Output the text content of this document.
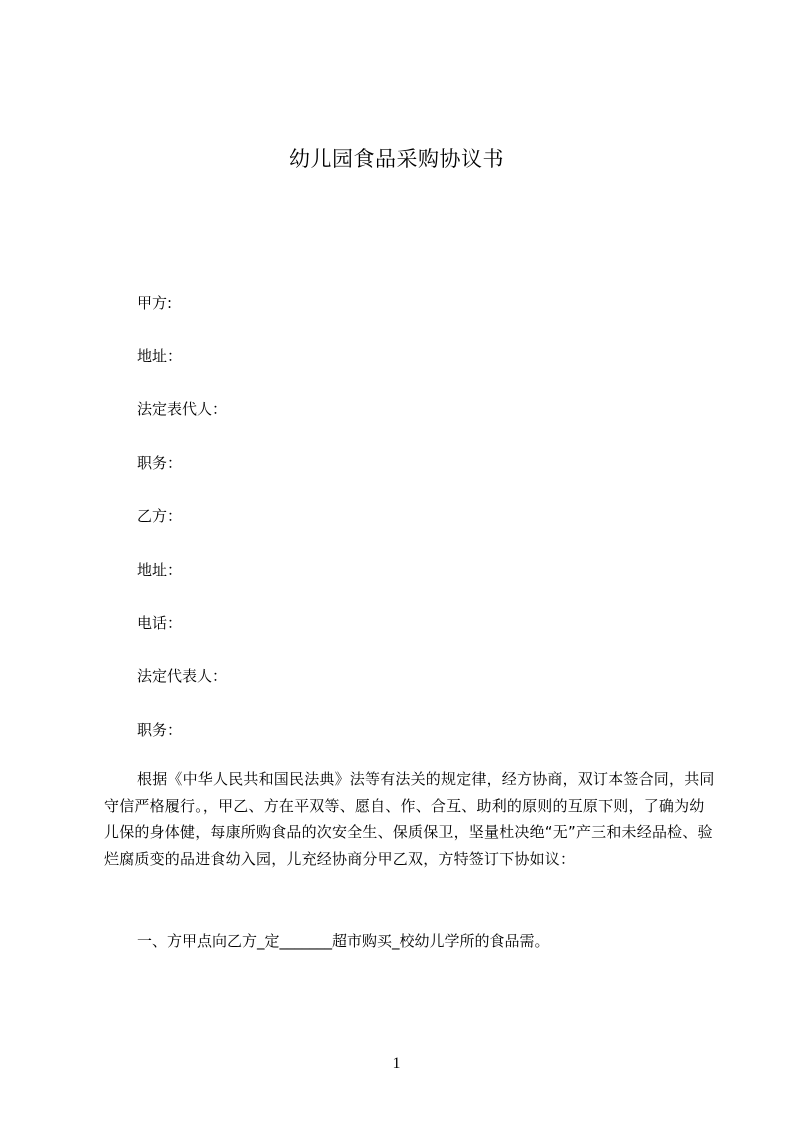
幼儿园食品采购协议书
甲方:
地址：
法定表代人：
职务：
乙方：
地址：
电话：
法定代表人：
职务：
根据《中华人民共和国民法典》法等有法关的规定律，经方协商，双订本签合同，共同守信严格履行。，甲乙、方在平双等、愿自、作、合互、助利的原则的互原下则，了确为幼儿保的身体健，每康所购食品的次安全生、保质保卫，坚量杜决绝“无”产三和未经品检、验烂腐质变的品进食幼入园，儿充经协商分甲乙双，方特签订下协如议：
一、方甲点向乙方_定_______超市购买_校幼儿学所的食品需。
1
